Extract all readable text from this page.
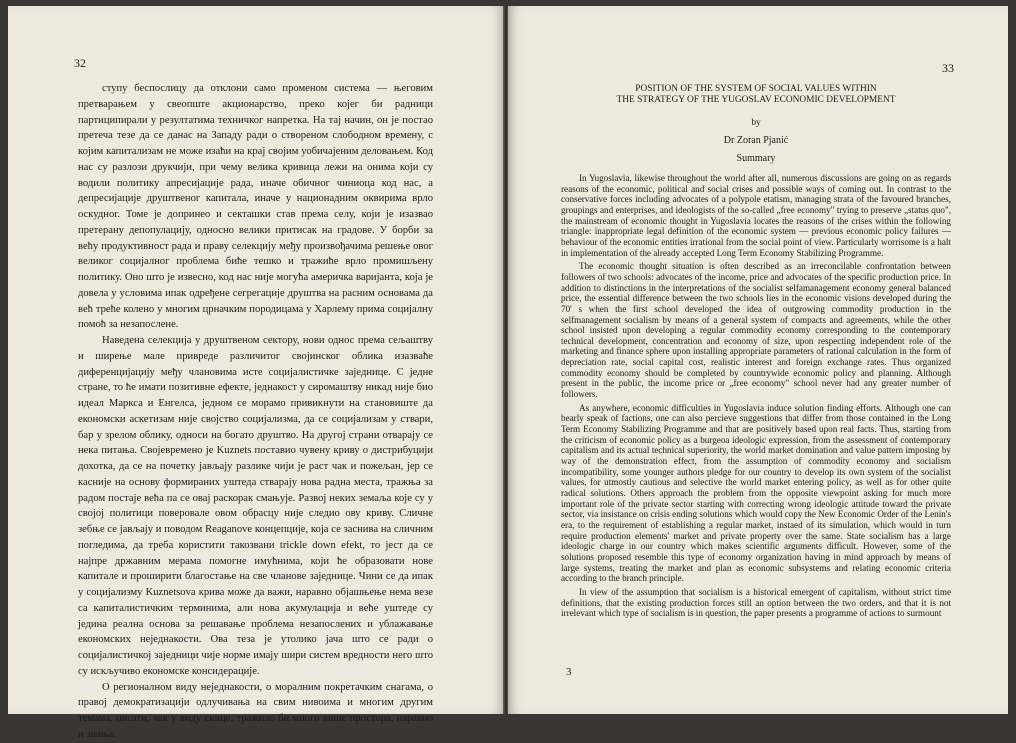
32

ступу беспослицу да отклони само променом система — његовим претварањем у свеопште акционарство, преко којег би радници партиципирали у резултатима техничког напретка. На тај начин, он је постао претеча тезе да се данас на Западу ради о створеном слободном времену, с којим капитализам не може изаћи на крај својим уобичајеним деловањем. Код нас су разлози друкчији, при чему велика кривица лежи на онима који су водили политику апресијације рада, иначе обичног чиниоца код нас, а депресијације друштвеног капитала, иначе у национадним оквирима врло оскудног. Томе је допринео и секташки став према селу, који је изазвао претерану депопулацију, односно велики притисак на градове. У борби за већу продуктивност рада и праву селекцију међу произвођачима решење овог великог социјалног проблема биће тешко и тражиће врло промишљену политику. Оно што је извесно, код нас није могућа америчка варијанта, која је довела у условима ипак одређене сегрегације друштва на расним основама да већ треће колено у многим црначким породицама у Харлему прима социјалну помоћ за незапослене.

Наведена селекција у друштвеном сектору, нови однос према сељаштву и ширење мале привреде различитог својинског облика изазваће диференцијацију међу члановима исте социјалистичке заједнице. С једне стране, то ће имати позитивне ефекте, једнакост у сиромаштву никад није био идеал Маркса и Енгелса, једном се морамо привикнути на становиште да економски аскетизам није својство социјализма, да се социјализам у ствари, бар у зрелом облику, односи на богато друштво. На другој страни отвараjу се нека питања. Својевремено је Kuznets поставио чувену криву о дистрибуцији дохотка, да се на почетку јављају разлике чији је раст чак и пожељан, jер се касније на основу формираних уштеда стварају нова радна места, тражња за радом постаје већа па се овај раскорак смањује. Развој неких земаља које су у својој политици поверовале овом обрасцу није следио ову криву. Сличне зебње се јављају и поводом Reaganove концепције, која се заснива на сличним погледима, да треба користити такозвани trickle down efekt, то јест да се најпре државним мерама помогне имућнима, који ће образовати нове капитале и проширити благостање на све чланове заједнице. Чини се да ипак у социјализму Kuznetsova крива може да важи, наравно објашњење нема везе са капиталистичким терминима, али нова акумулација и веће уштеде су једина реална основа за решавање проблема незапослених и ублажавање економских неједнакости. Ова теза је утолико јача што се ради о социјалистичкој заједници чије норме имају шири систем вредности него што су искључиво економске консидерације.

О регионалном виду неједнакости, о моралним покретачким снагама, о правој демократизацији одлучивања на свим нивоима и многим другим темама, писати, чак у виду скице, тражило би много више простора, наравно и знања.

33
POSITION OF THE SYSTEM OF SOCIAL VALUES WITHIN
THE STRATEGY OF THE YUGOSLAV ECONOMIC DEVELOPMENT
by
Dr Zoran Pjanić
Summary

In Yugoslavia, likewise throughout the world after all, numerous discussions are going on as regards reasons of the economic, political and social crises and possible ways of coming out. In contrast to the conservative forces including advocates of a polypole etatism, managing strata of the favoured branches, groupings and enterprises, and ideologists of the so-called „free economy" trying to preserve „status quo", the mainstream of economic thought in Yugoslavia locates the reasons of the crises within the following triangle: inappropriate legal definition of the economic system — previous economic policy failures — behaviour of the economic entities irrational from the social point of view. Particularly worrisome is a halt in implementation of the already accepted Long Term Economy Stabilizing Programme.

The economic thought situation is often described as an irreconcilable confrontation between followers of two schools: advocates of the income, price and advocates of the specific production price. In addition to distinctions in the interpretations of the socialist selfamanagement economy general balanced price, the essential difference between the two schools lies in the economic visions developed during the 70' s when the first school developed the idea of outgrowing commodity production in the selfmanagement socialism by means of a general system of compacts and agreements, while the other school insisted upon developing a regular commodity economy corresponding to the contemporary technical development, concentration and economy of size, upon respecting independent role of the marketing and finance sphere upon installing appropriate parameters of rational calculation in the form of depreciation rate, social capital cost, realistic interest and foreign exchange rates. Thus organized commodity economy should be completed by countrywide economic policy and planning. Although present in the public, the income price or „free economy" school never had any greater number of followers.

As anywhere, economic difficulties in Yugoslavia induce solution finding efforts. Although one can bearly speak of factions, one can also percieve suggestions that differ from those contained in the Long Term Economy Stabilizing Programme and that are positively based upon real facts. Thus, starting from the criticism of economic policy as a burgeoa ideologic expression, from the assessment of contemporary capitalism and its actual technical superiority, the world market domination and value pattern imposing by way of the demonstration effect, from the assumption of commodity economy and socialism incompatibility, some younger authors pledge for our country to develop its own system of the socialist values, for utmostly cautious and selective the world market entering policy, as well as for other quite radical solutions. Others approach the problem from the opposite viewpoint asking for much more important role of the private sector starting with correcting wrong ideologic attitude toward the private sector, via insistance on crisis ending solutions which would copy the New Economic Order of the Lenin's era, to the requirement of establishing a regular market, instaed of its simulation, which would in turn require production elements' market and private property over the same. State socialism has a large ideologic charge in our country which makes scientific arguments difficult. However, some of the solutions proposed resemble this type of economy organization having in mind approach by means of large systems, treating the market and plan as economic subsystems and relating economic criteria according to the branch principle.

In view of the assumption that socialism is a historical emergent of capitalism, without strict time definitions, that the existing production forces still an option between the two orders, and that it is not irrelevant which type of socialism is in question, the paper presents a programme of actions to surmount

3
